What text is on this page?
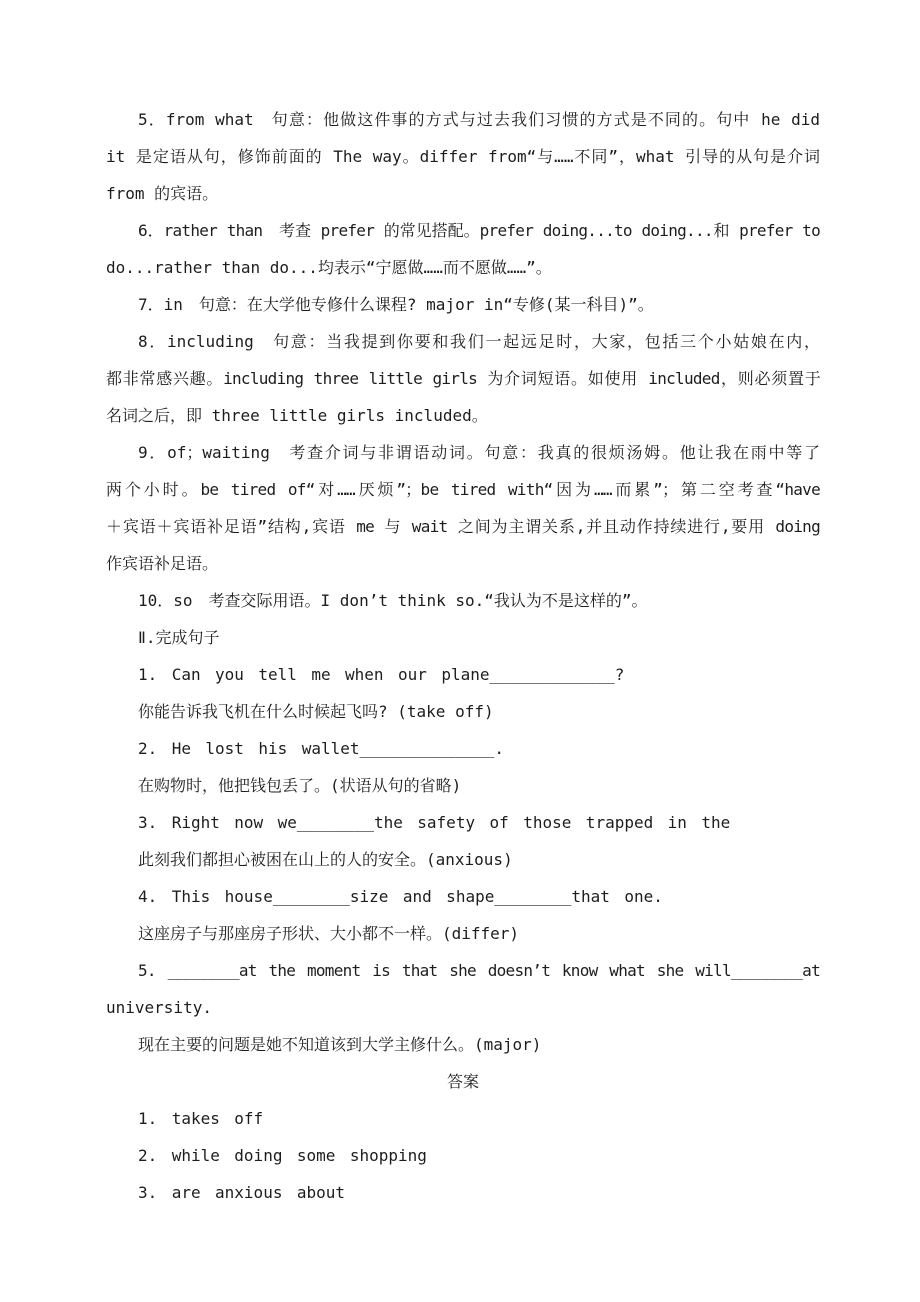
5．from what　句意：他做这件事的方式与过去我们习惯的方式是不同的。句中 he did
it 是定语从句，修饰前面的 The way。differ from“与……不同”，what 引导的从句是介词
from 的宾语。
6．rather than　考查 prefer 的常见搭配。prefer doing...to doing...和 prefer to
do...rather than do...均表示“宁愿做……而不愿做……”。
7．in　句意：在大学他专修什么课程? major in“专修(某一科目)”。
8．including　句意：当我提到你要和我们一起远足时，大家，包括三个小姑娘在内，
都非常感兴趣。including three little girls 为介词短语。如使用 included，则必须置于
名词之后，即 three little girls included。
9．of；waiting　考查介词与非谓语动词。句意：我真的很烦汤姆。他让我在雨中等了
两个小时。be tired of“对……厌烦”；be tired with“因为……而累”；第二空考查“have
＋宾语＋宾语补足语”结构,宾语 me 与 wait 之间为主谓关系,并且动作持续进行,要用 doing
作宾语补足语。
10．so　考查交际用语。I don’t think so.“我认为不是这样的”。
Ⅱ.完成句子
1. Can you tell me when our plane_____________?
你能告诉我飞机在什么时候起飞吗? (take off)
2. He lost his wallet______________.
在购物时，他把钱包丢了。(状语从句的省略)
3. Right now we________the safety of those trapped in the
此刻我们都担心被困在山上的人的安全。(anxious)
4. This house________size and shape________that one.
这座房子与那座房子形状、大小都不一样。(differ)
5. ________at the moment is that she doesn’t know what she will________at
university.
现在主要的问题是她不知道该到大学主修什么。(major)
答案
1. takes off
2. while doing some shopping
3. are anxious about
